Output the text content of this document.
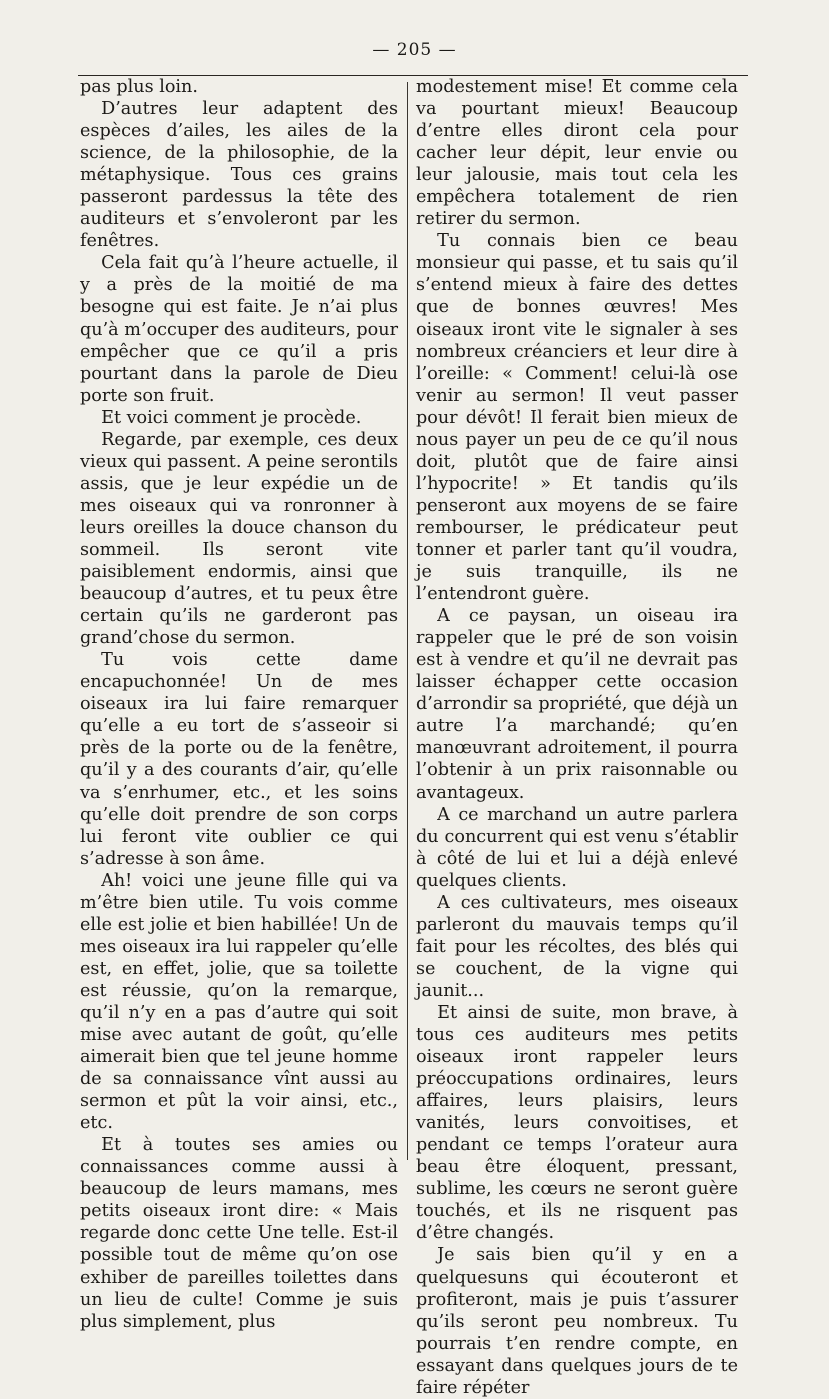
— 205 —

pas plus loin.

D’autres leur adaptent des espèces d’ailes, les ailes de la science, de la philosophie, de la métaphysique. Tous ces grains passeront pardessus la tête des auditeurs et s’envoleront par les fenêtres.

Cela fait qu’à l’heure actuelle, il y a près de la moitié de ma besogne qui est faite. Je n’ai plus qu’à m’occuper des auditeurs, pour empêcher que ce qu’il a pris pourtant dans la parole de Dieu porte son fruit.

Et voici comment je procède.

Regarde, par exemple, ces deux vieux qui passent. A peine serontils assis, que je leur expédie un de mes oiseaux qui va ronronner à leurs oreilles la douce chanson du sommeil. Ils seront vite paisiblement endormis, ainsi que beaucoup d’autres, et tu peux être certain qu’ils ne garderont pas grand’chose du sermon.

Tu vois cette dame encapuchonnée! Un de mes oiseaux ira lui faire remarquer qu’elle a eu tort de s’asseoir si près de la porte ou de la fenêtre, qu’il y a des courants d’air, qu’elle va s’enrhumer, etc., et les soins qu’elle doit prendre de son corps lui feront vite oublier ce qui s’adresse à son âme.

Ah! voici une jeune fille qui va m’être bien utile. Tu vois comme elle est jolie et bien habillée! Un de mes oiseaux ira lui rappeler qu’elle est, en effet, jolie, que sa toilette est réussie, qu’on la remarque, qu’il n’y en a pas d’autre qui soit mise avec autant de goût, qu’elle aimerait bien que tel jeune homme de sa connaissance vînt aussi au sermon et pût la voir ainsi, etc., etc.

Et à toutes ses amies ou connaissances comme aussi à beaucoup de leurs mamans, mes petits oiseaux iront dire: « Mais regarde donc cette Une telle. Est-il possible tout de même qu’on ose exhiber de pareilles toilettes dans un lieu de culte! Comme je suis plus simplement, plus

modestement mise! Et comme cela va pourtant mieux! Beaucoup d’entre elles diront cela pour cacher leur dépit, leur envie ou leur jalousie, mais tout cela les empêchera totalement de rien retirer du sermon.

Tu connais bien ce beau monsieur qui passe, et tu sais qu’il s’entend mieux à faire des dettes que de bonnes œuvres! Mes oiseaux iront vite le signaler à ses nombreux créanciers et leur dire à l’oreille: « Comment! celui-là ose venir au sermon! Il veut passer pour dévôt! Il ferait bien mieux de nous payer un peu de ce qu’il nous doit, plutôt que de faire ainsi l’hypocrite! » Et tandis qu’ils penseront aux moyens de se faire rembourser, le prédicateur peut tonner et parler tant qu’il voudra, je suis tranquille, ils ne l’entendront guère.

A ce paysan, un oiseau ira rappeler que le pré de son voisin est à vendre et qu’il ne devrait pas laisser échapper cette occasion d’arrondir sa propriété, que déjà un autre l’a marchandé; qu’en manœuvrant adroitement, il pourra l’obtenir à un prix raisonnable ou avantageux.

A ce marchand un autre parlera du concurrent qui est venu s’établir à côté de lui et lui a déjà enlevé quelques clients.

A ces cultivateurs, mes oiseaux parleront du mauvais temps qu’il fait pour les récoltes, des blés qui se couchent, de la vigne qui jaunit...

Et ainsi de suite, mon brave, à tous ces auditeurs mes petits oiseaux iront rappeler leurs préoccupations ordinaires, leurs affaires, leurs plaisirs, leurs vanités, leurs convoitises, et pendant ce temps l’orateur aura beau être éloquent, pressant, sublime, les cœurs ne seront guère touchés, et ils ne risquent pas d’être changés.

Je sais bien qu’il y en a quelquesuns qui écouteront et profiteront, mais je puis t’assurer qu’ils seront peu nombreux. Tu pourrais t’en rendre compte, en essayant dans quelques jours de te faire répéter
